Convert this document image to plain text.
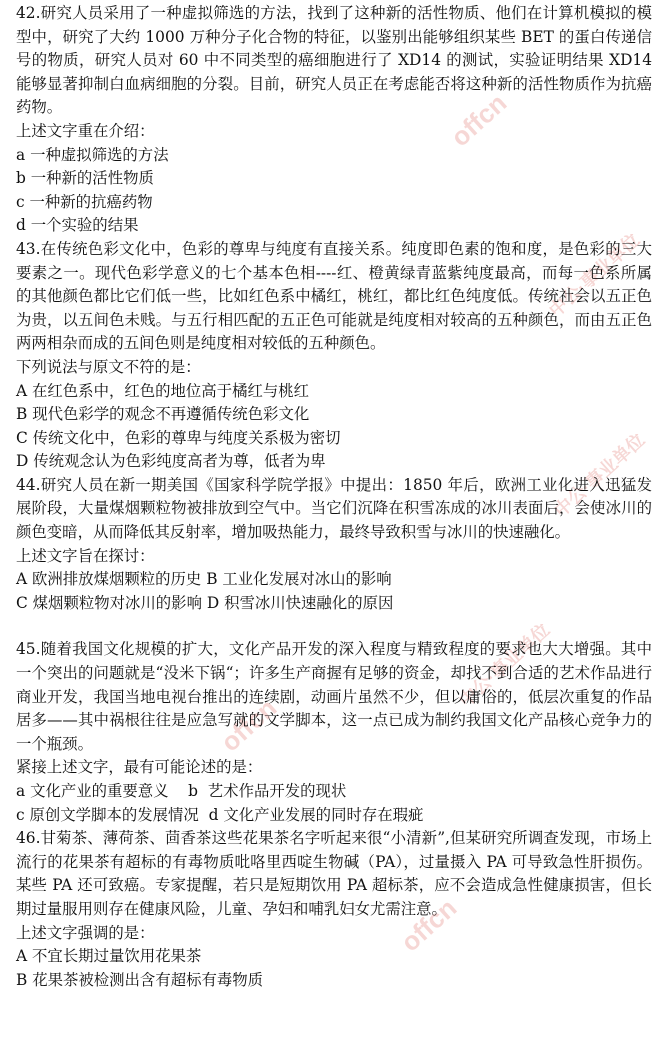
offcn
中公·事业单位
中公·事业单位
中公·事业单位
offcn
offcn

42.研究人员采用了一种虚拟筛选的方法，找到了这种新的活性物质、他们在计算机模拟的模型中，研究了大约 1000 万种分子化合物的特征，以鉴别出能够组织某些 BET 的蛋白传递信号的物质，研究人员对 60 中不同类型的癌细胞进行了 XD14 的测试，实验证明结果 XD14 能够显著抑制白血病细胞的分裂。目前，研究人员正在考虑能否将这种新的活性物质作为抗癌药物。

上述文字重在介绍：

a 一种虚拟筛选的方法

b 一种新的活性物质

c 一种新的抗癌药物

d 一个实验的结果

43.在传统色彩文化中，色彩的尊卑与纯度有直接关系。纯度即色素的饱和度，是色彩的三大要素之一。现代色彩学意义的七个基本色相----红、橙黄绿青蓝紫纯度最高，而每一色系所属的其他颜色都比它们低一些，比如红色系中橘红，桃红，都比红色纯度低。传统社会以五正色为贵，以五间色未贱。与五行相匹配的五正色可能就是纯度相对较高的五种颜色，而由五正色两两相杂而成的五间色则是纯度相对较低的五种颜色。

下列说法与原文不符的是：

A 在红色系中，红色的地位高于橘红与桃红

B 现代色彩学的观念不再遵循传统色彩文化

C 传统文化中，色彩的尊卑与纯度关系极为密切

D 传统观念认为色彩纯度高者为尊，低者为卑

44.研究人员在新一期美国《国家科学院学报》中提出：1850 年后，欧洲工业化进入迅猛发展阶段，大量煤烟颗粒物被排放到空气中。当它们沉降在积雪冻成的冰川表面后，会使冰川的颜色变暗，从而降低其反射率，增加吸热能力，最终导致积雪与冰川的快速融化。

上述文字旨在探讨：

A 欧洲排放煤烟颗粒的历史 B 工业化发展对冰山的影响

C 煤烟颗粒物对冰川的影响 D 积雪冰川快速融化的原因

45.随着我国文化规模的扩大，文化产品开发的深入程度与精致程度的要求也大大增强。其中一个突出的问题就是“没米下锅“；许多生产商握有足够的资金，却找不到合适的艺术作品进行商业开发，我国当地电视台推出的连续剧，动画片虽然不少，但以庸俗的，低层次重复的作品居多——其中祸根往往是应急写就的文学脚本，这一点已成为制约我国文化产品核心竞争力的一个瓶颈。

紧接上述文字，最有可能论述的是：

a 文化产业的重要意义    b  艺术作品开发的现状

c 原创文学脚本的发展情况  d 文化产业发展的同时存在瑕疵

46.甘菊茶、薄荷茶、茴香茶这些花果茶名字听起来很“小清新”,但某研究所调查发现，市场上流行的花果茶有超标的有毒物质吡咯里西啶生物碱（PA），过量摄入 PA 可导致急性肝损伤。某些 PA 还可致癌。专家提醒，若只是短期饮用 PA 超标茶，应不会造成急性健康损害，但长期过量服用则存在健康风险，儿童、孕妇和哺乳妇女尤需注意。

上述文字强调的是：

A 不宜长期过量饮用花果茶

B 花果茶被检测出含有超标有毒物质
